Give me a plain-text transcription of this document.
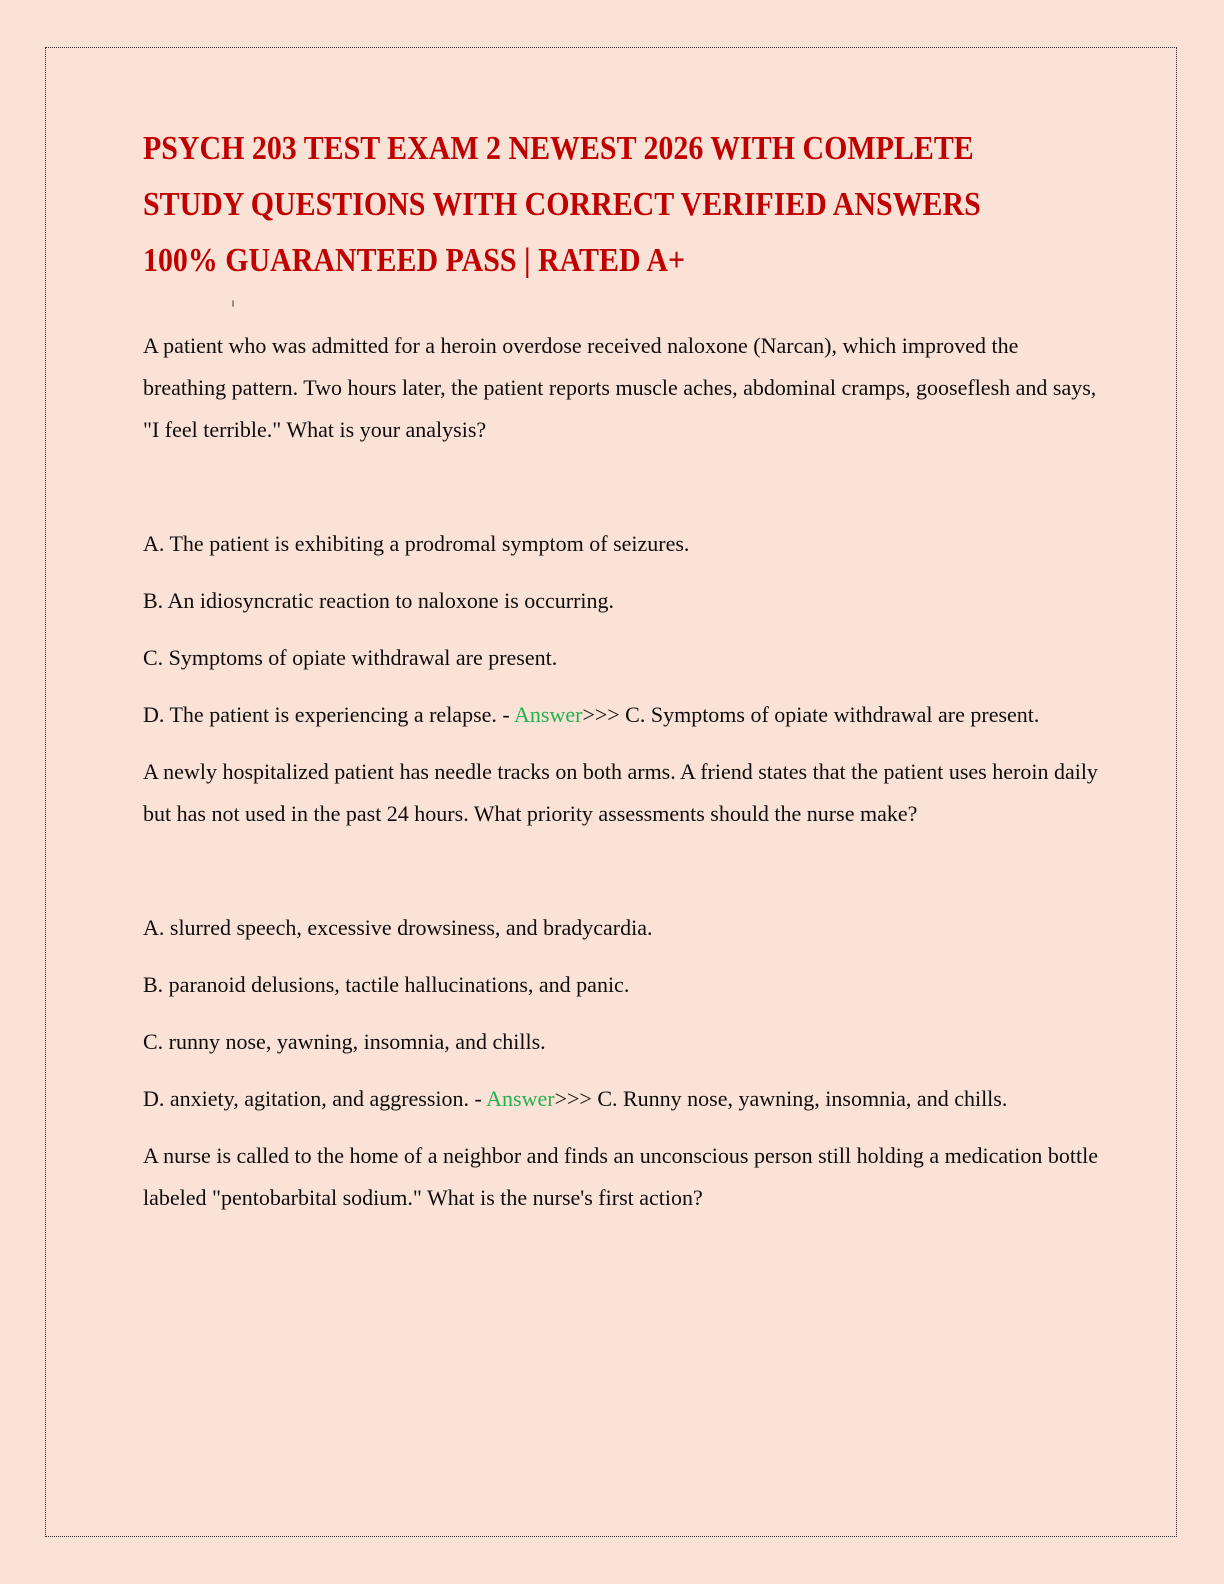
PSYCH 203 TEST EXAM 2 NEWEST 2026 WITH COMPLETE
STUDY QUESTIONS WITH CORRECT VERIFIED ANSWERS
100% GUARANTEED PASS | RATED A+

A patient who was admitted for a heroin overdose received naloxone (Narcan), which improved the breathing pattern. Two hours later, the patient reports muscle aches, abdominal cramps, gooseflesh and says, "I feel terrible." What is your analysis?

A. The patient is exhibiting a prodromal symptom of seizures.

B. An idiosyncratic reaction to naloxone is occurring.

C. Symptoms of opiate withdrawal are present.

D. The patient is experiencing a relapse. - Answer>>> C. Symptoms of opiate withdrawal are present.

A newly hospitalized patient has needle tracks on both arms. A friend states that the patient uses heroin daily but has not used in the past 24 hours. What priority assessments should the nurse make?

A. slurred speech, excessive drowsiness, and bradycardia.

B. paranoid delusions, tactile hallucinations, and panic.

C. runny nose, yawning, insomnia, and chills.

D. anxiety, agitation, and aggression. - Answer>>> C. Runny nose, yawning, insomnia, and chills.

A nurse is called to the home of a neighbor and finds an unconscious person still holding a medication bottle labeled "pentobarbital sodium." What is the nurse's first action?
